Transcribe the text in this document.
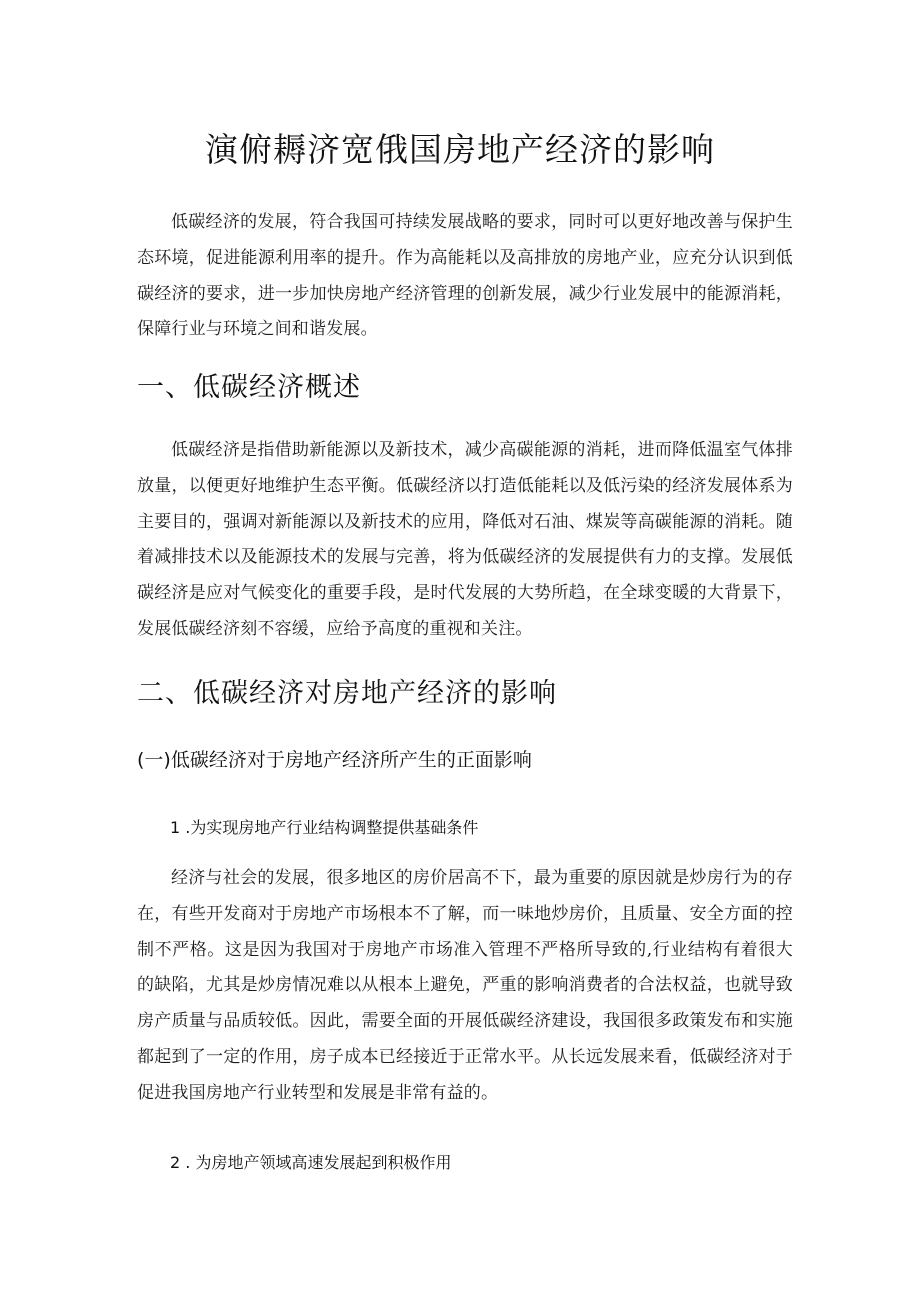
演俯耨济宽俄国房地产经济的影响

低碳经济的发展，符合我国可持续发展战略的要求，同时可以更好地改善与保护生态环境，促进能源利用率的提升。作为高能耗以及高排放的房地产业，应充分认识到低碳经济的要求，进一步加快房地产经济管理的创新发展，减少行业发展中的能源消耗，保障行业与环境之间和谐发展。

一、低碳经济概述

低碳经济是指借助新能源以及新技术，减少高碳能源的消耗，进而降低温室气体排放量，以便更好地维护生态平衡。低碳经济以打造低能耗以及低污染的经济发展体系为主要目的，强调对新能源以及新技术的应用，降低对石油、煤炭等高碳能源的消耗。随着减排技术以及能源技术的发展与完善，将为低碳经济的发展提供有力的支撑。发展低碳经济是应对气候变化的重要手段，是时代发展的大势所趋，在全球变暖的大背景下，发展低碳经济刻不容缓，应给予高度的重视和关注。

二、低碳经济对房地产经济的影响
(一)低碳经济对于房地产经济所产生的正面影响
1 .为实现房地产行业结构调整提供基础条件

经济与社会的发展，很多地区的房价居高不下，最为重要的原因就是炒房行为的存在，有些开发商对于房地产市场根本不了解，而一味地炒房价，且质量、安全方面的控制不严格。这是因为我国对于房地产市场准入管理不严格所导致的,行业结构有着很大的缺陷，尤其是炒房情况难以从根本上避免，严重的影响消费者的合法权益，也就导致房产质量与品质较低。因此，需要全面的开展低碳经济建设，我国很多政策发布和实施都起到了一定的作用，房子成本已经接近于正常水平。从长远发展来看，低碳经济对于促进我国房地产行业转型和发展是非常有益的。

2 . 为房地产领域高速发展起到积极作用
